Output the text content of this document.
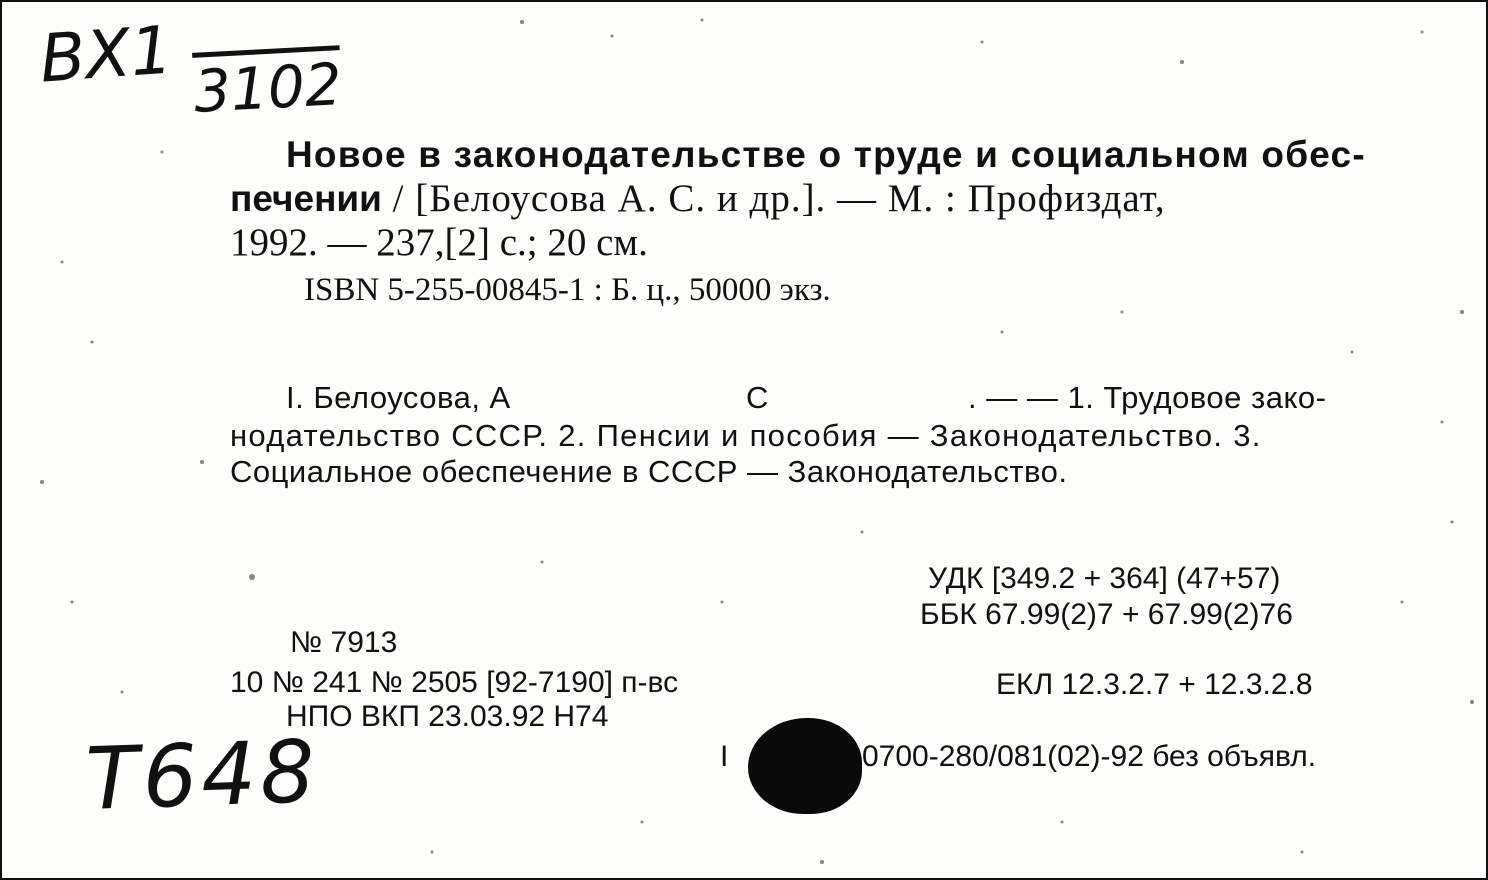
ВХ1 3102
Т648
Новое в законодательстве о труде и социальном обес-
печении / [Белоусова А. С. и др.]. — М. : Профиздат,
1992. — 237,[2] с.; 20 см.
ISBN 5-255-00845-1 : Б. ц., 50000 экз.
I. Белоусова, А	С	. — — 1. Трудовое зако-
нодательство СССР. 2. Пенсии и пособия — Законодательство. 3.
Социальное обеспечение в СССР — Законодательство.
УДК [349.2 + 364] (47+57)
ББК 67.99(2)7 + 67.99(2)76
ЕКЛ 12.3.2.7 + 12.3.2.8
№ 7913
10 № 241 № 2505 [92-7190] п-вс
НПО ВКП 23.03.92 Н74
I	0700-280/081(02)-92 без объявл.
